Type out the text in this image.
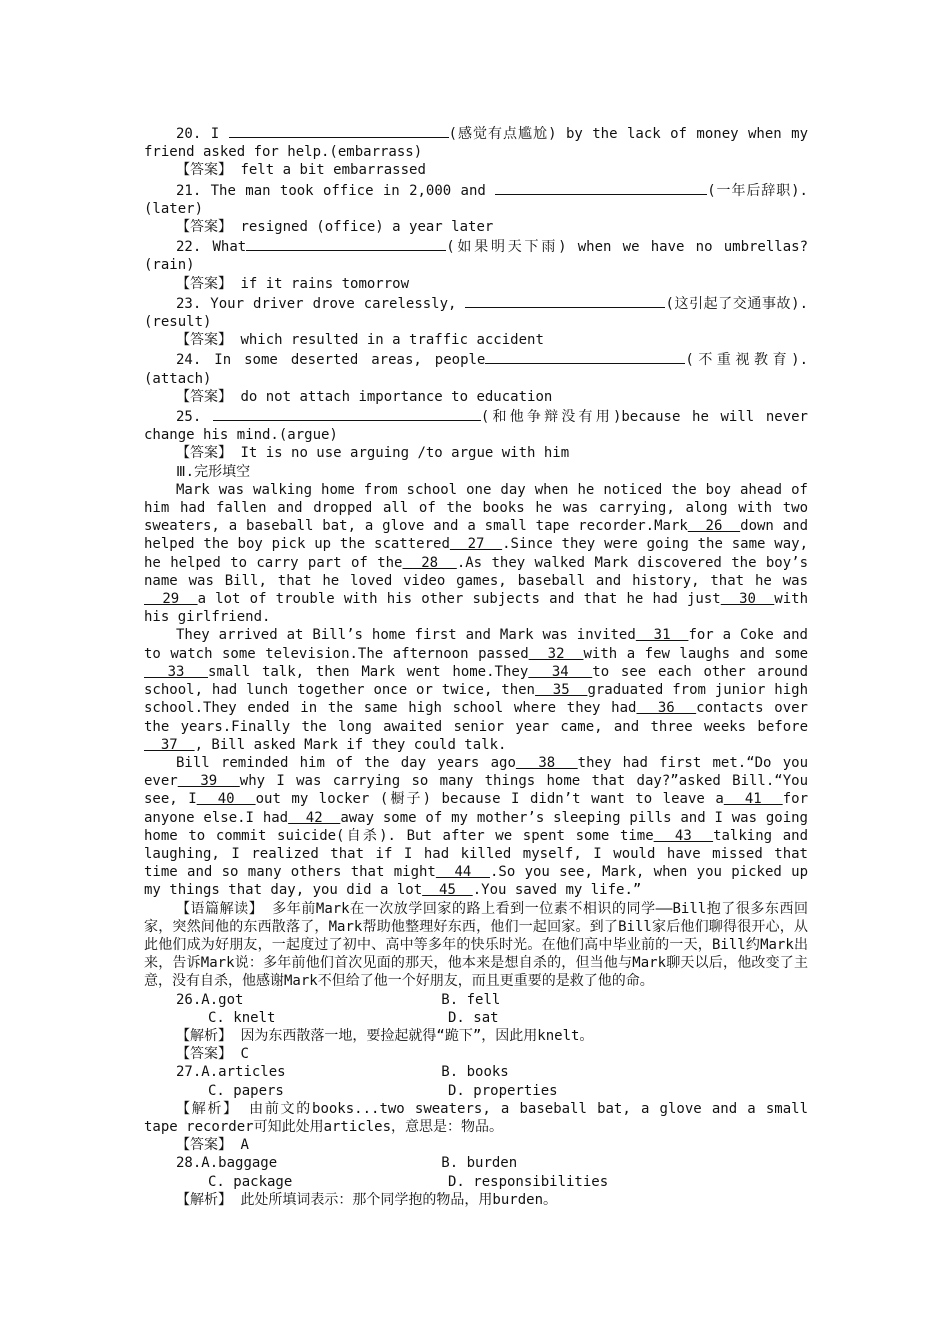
20. I	(感觉有点尴尬) by the lack of money when my friend asked for help.(embarrass)

【答案】 felt a bit embarrassed

21. The man took office in 2,000 and	(一年后辞职).(later)

【答案】 resigned (office) a year later

22. What	(如果明天下雨) when we have no umbrellas?(rain)

【答案】 if it rains tomorrow

23. Your driver drove carelessly,	(这引起了交通事故). (result)

【答案】 which resulted in a traffic accident

24. In some deserted areas, people	(不重视教育).(attach)

【答案】 do not attach importance to education

25.	(和他争辩没有用)because he will never change his mind.(argue)

【答案】 It is no use arguing /to argue with him

Ⅲ.完形填空

Mark was walking home from school one day when he noticed the boy ahead of him had fallen and dropped all of the books he was carrying, along with two sweaters, a baseball bat, a glove and a small tape recorder.Mark  26  down and helped the boy pick up the scattered  27  .Since they were going the same way, he helped to carry part of the  28  .As they walked Mark discovered the boy’s name was Bill, that he loved video games, baseball and history, that he was  29  a lot of trouble with his other subjects and that he had just  30  with his girlfriend.

They arrived at Bill’s home first and Mark was invited  31  for a Coke and to watch some television.The afternoon passed  32  with a few laughs and some  33  small talk, then Mark went home.They  34  to see each other around school, had lunch together once or twice, then  35  graduated from junior high school.They ended in the same high school where they had  36  contacts over the years.Finally the long awaited senior year came, and three weeks before  37  , Bill asked Mark if they could talk.

Bill reminded him of the day years ago  38  they had first met.“Do you ever  39  why I was carrying so many things home that day?”asked Bill.“You see, I  40  out my locker (橱子) because I didn’t want to leave a  41  for anyone else.I had  42  away some of my mother’s sleeping pills and I was going home to commit suicide(自杀). But after we spent some time  43  talking and laughing, I realized that if I had killed myself, I would have missed that time and so many others that might  44  .So you see, Mark, when you picked up my things that day, you did a lot  45  .You saved my life.”

【语篇解读】 多年前Mark在一次放学回家的路上看到一位素不相识的同学——Bill抱了很多东西回家，突然间他的东西散落了，Mark帮助他整理好东西，他们一起回家。到了Bill家后他们聊得很开心，从此他们成为好朋友，一起度过了初中、高中等多年的快乐时光。在他们高中毕业前的一天，Bill约Mark出来，告诉Mark说：多年前他们首次见面的那天，他本来是想自杀的，但当他与Mark聊天以后，他改变了主意，没有自杀，他感谢Mark不但给了他一个好朋友，而且更重要的是救了他的命。

26. A.got	B. fell
C. knelt	D. sat

【解析】 因为东西散落一地，要捡起就得“跪下”，因此用knelt。

【答案】 C

27. A.articles	B. books
C. papers	D. properties

【解析】 由前文的books...two sweaters, a baseball bat, a glove and a small tape recorder可知此处用articles，意思是：物品。

【答案】 A

28. A.baggage	B. burden
C. package	D. responsibilities

【解析】 此处所填词表示：那个同学抱的物品，用burden。
